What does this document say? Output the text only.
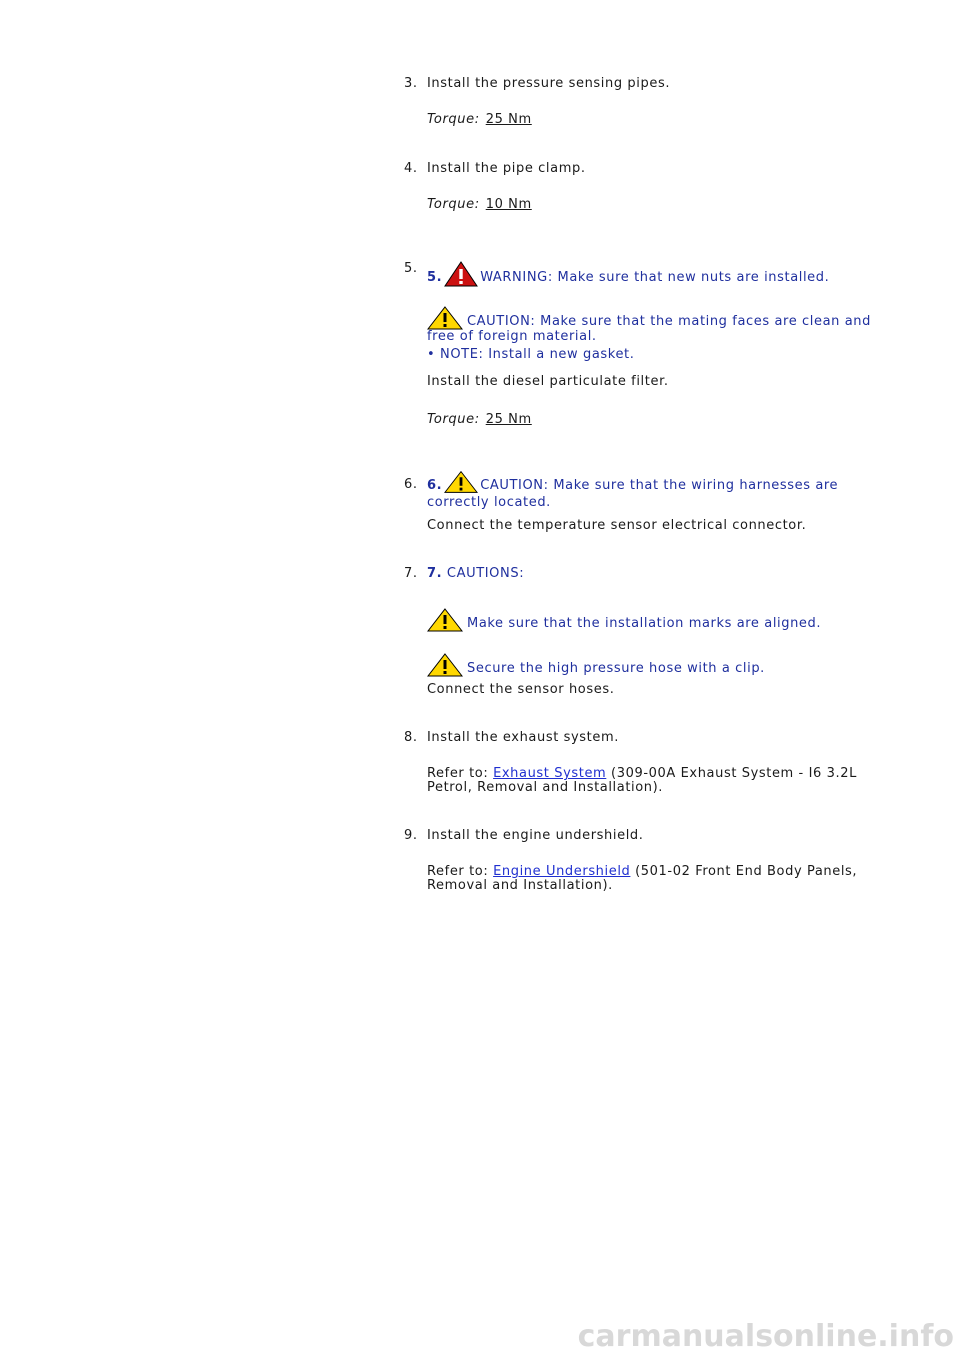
3. Install the pressure sensing pipes.
Torque: 25 Nm
4. Install the pipe clamp.
Torque: 10 Nm
5.
5.	WARNING: Make sure that new nuts are installed.
CAUTION: Make sure that the mating faces are clean and free of foreign material.
• NOTE: Install a new gasket.
Install the diesel particulate filter.
Torque: 25 Nm
6. 6.	CAUTION: Make sure that the wiring harnesses are correctly located.
Connect the temperature sensor electrical connector.
7. 7. CAUTIONS:
Make sure that the installation marks are aligned.
Secure the high pressure hose with a clip.
Connect the sensor hoses.
8. Install the exhaust system.
Refer to: Exhaust System (309-00A Exhaust System - I6 3.2L Petrol, Removal and Installation).
9. Install the engine undershield.
Refer to: Engine Undershield (501-02 Front End Body Panels, Removal and Installation).
carmanualsonline.info
